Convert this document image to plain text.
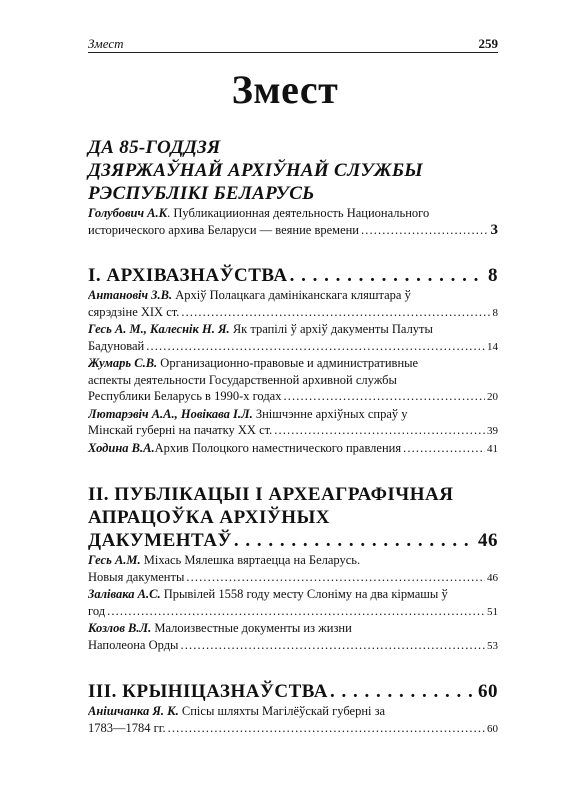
Змест	259
Змест
ДА 85-ГОДДЗЯ
ДЗЯРЖАЎНАЙ АРХІЎНАЙ СЛУЖБЫ
РЭСПУБЛІКІ БЕЛАРУСЬ
Голубович А.К. Публикациионная деятельность Национального
исторического архива Беларуси — веяние времени . . .	3
I. АРХІВАЗНАЎСТВА . . .	8
Антановіч З.В. Архіў Полацкага дамініканскага кляштара ў
сярэдзіне XIX ст. . . .	8
Гесь А. М., Калеснік Н. Я. Як трапілі ў архіў дакументы Палуты
Бадуновай . . .	14
Жумарь С.В. Организационно-правовые и административные
аспекты деятельности Государственной архивной службы
Республики Беларусь в 1990-х годах . . .	20
Лютарэвіч А.А., Новікава І.Л. Знішчэнне архіўных спраў у
Мінскай губерні на пачатку XX ст. . . .	39
Ходина В.А. Архив Полоцкого наместнического правления . . .	41
II. ПУБЛІКАЦЫІ І АРХЕАГРАФІЧНАЯ
АПРАЦОЎКА АРХІЎНЫХ
ДАКУМЕНТАЎ . . .	46
Гесь А.М. Міхась Мялешка вяртаецца на Беларусь.
Новыя дакументы . . .	46
Залівака А.С. Прывілей 1558 году месту Слоніму на два кірмашы ў
год . . .	51
Козлов В.Л. Малоизвестные документы из жизни
Наполеона Орды . . .	53
III. КРЫНІЦАЗНАЎСТВА . . .	60
Анішчанка Я. К. Спісы шляхты Магілёўскай губерні за
1783—1784 гг. . . .	60
